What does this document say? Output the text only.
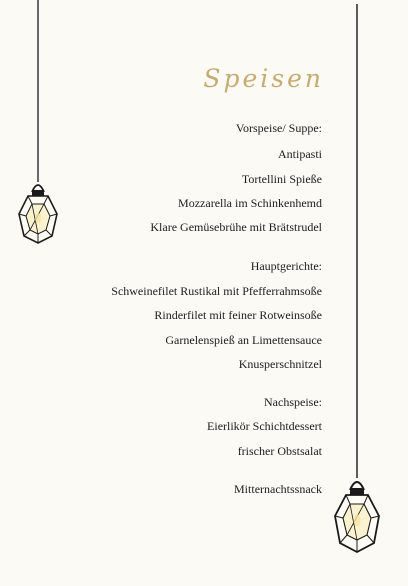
Speisen
Vorspeise/ Suppe:
Antipasti
Tortellini Spieße
Mozzarella im Schinkenhemd
Klare Gemüsebrühe mit Brätstrudel
Hauptgerichte:
Schweinefilet Rustikal mit Pfefferrahmsoße
Rinderfilet mit feiner Rotweinsoße
Garnelenspieß an Limettensauce
Knusperschnitzel
Nachspeise:
Eierlikör Schichtdessert
frischer Obstsalat
Mitternachtssnack
